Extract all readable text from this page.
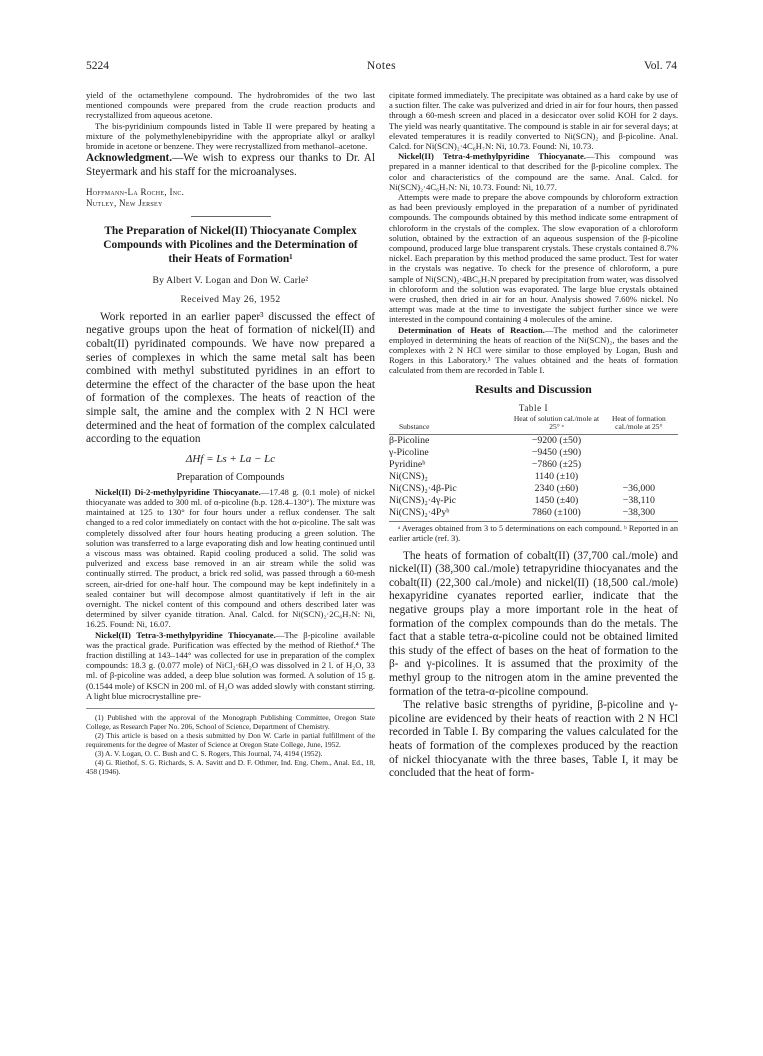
5224	Notes	Vol. 74

yield of the octamethylene compound. The hydrobromides of the two last mentioned compounds were prepared from the crude reaction products and recrystallized from aqueous acetone.

The bis-pyridinium compounds listed in Table II were prepared by heating a mixture of the polymethylenebipyridine with the appropriate alkyl or aralkyl bromide in acetone or benzene. They were recrystallized from methanol–acetone.

Acknowledgment.—We wish to express our thanks to Dr. Al Steyermark and his staff for the microanalyses.

Hoffmann-La Roche, Inc.
Nutley, New Jersey
The Preparation of Nickel(II) Thiocyanate Complex Compounds with Picolines and the Determination of their Heats of Formation¹
By Albert V. Logan and Don W. Carle²
Received May 26, 1952

Work reported in an earlier paper³ discussed the effect of negative groups upon the heat of formation of nickel(II) and cobalt(II) pyridinated compounds. We have now prepared a series of complexes in which the same metal salt has been combined with methyl substituted pyridines in an effort to determine the effect of the character of the base upon the heat of formation of the complexes. The heats of reaction of the simple salt, the amine and the complex with 2 N HCl were determined and the heat of formation of the complex calculated according to the equation

ΔHf = Ls + La − Lc
Preparation of Compounds

Nickel(II) Di-2-methylpyridine Thiocyanate.—17.48 g. (0.1 mole) of nickel thiocyanate was added to 300 ml. of α-picoline (b.p. 128.4–130°). The mixture was maintained at 125 to 130° for four hours under a reflux condenser. The salt changed to a red color immediately on contact with the hot α-picoline. The salt was completely dissolved after four hours heating producing a green solution. The solution was transferred to a large evaporating dish and low heating continued until a viscous mass was obtained. Rapid cooling produced a solid. The solid was pulverized and excess base removed in an air stream while the solid was continually stirred. The product, a brick red solid, was passed through a 60-mesh screen, air-dried for one-half hour. The compound may be kept indefinitely in a sealed container but will decompose almost quantitatively if left in the air overnight. The nickel content of this compound and others described later was determined by silver cyanide titration. Anal. Calcd. for Ni(SCN)₂·2C₆H₇N: Ni, 16.25. Found: Ni, 16.07.

Nickel(II) Tetra-3-methylpyridine Thiocyanate.—The β-picoline available was the practical grade. Purification was effected by the method of Riethof.⁴ The fraction distilling at 143–144° was collected for use in preparation of the complex compounds: 18.3 g. (0.077 mole) of NiCl₂·6H₂O was dissolved in 2 l. of H₂O, 33 ml. of β-picoline was added, a deep blue solution was formed. A solution of 15 g. (0.1544 mole) of KSCN in 200 ml. of H₂O was added slowly with constant stirring. A light blue microcrystalline pre-

(1) Published with the approval of the Monograph Publishing Committee, Oregon State College, as Research Paper No. 206, School of Science, Department of Chemistry.

(2) This article is based on a thesis submitted by Don W. Carle in partial fulfillment of the requirements for the degree of Master of Science at Oregon State College, June, 1952.

(3) A. V. Logan, O. C. Bush and C. S. Rogers, This Journal, 74, 4194 (1952).

(4) G. Riethof, S. G. Richards, S. A. Savitt and D. F. Othmer, Ind. Eng. Chem., Anal. Ed., 18, 458 (1946).

cipitate formed immediately. The precipitate was obtained as a hard cake by use of a suction filter. The cake was pulverized and dried in air for four hours, then passed through a 60-mesh screen and placed in a desiccator over solid KOH for 2 days. The yield was nearly quantitative. The compound is stable in air for several days; at elevated temperatures it is readily converted to Ni(SCN)₂ and β-picoline. Anal. Calcd. for Ni(SCN)₂·4C₆H₇N: Ni, 10.73. Found: Ni, 10.73.

Nickel(II) Tetra-4-methylpyridine Thiocyanate.—This compound was prepared in a manner identical to that described for the β-picoline complex. The color and characteristics of the compound are the same. Anal. Calcd. for Ni(SCN)₂·4C₆H₇N: Ni, 10.73. Found: Ni, 10.77.

Attempts were made to prepare the above compounds by chloroform extraction as had been previously employed in the preparation of a number of pyridinated compounds. The compounds obtained by this method indicate some entrapment of chloroform in the crystals of the complex. The slow evaporation of a chloroform solution, obtained by the extraction of an aqueous suspension of the β-picoline compound, produced large blue transparent crystals. These crystals contained 8.7% nickel. Each preparation by this method produced the same product. Test for water in the crystals was negative. To check for the presence of chloroform, a pure sample of Ni(SCN)₂·4BC₆H₇N prepared by precipitation from water, was dissolved in chloroform and the solution was evaporated. The large blue crystals obtained were crushed, then dried in air for an hour. Analysis showed 7.60% nickel. No attempt was made at the time to investigate the subject further since we were interested in the compound containing 4 molecules of the amine.

Determination of Heats of Reaction.—The method and the calorimeter employed in determining the heats of reaction of the Ni(SCN)₂, the bases and the complexes with 2 N HCl were similar to those employed by Logan, Bush and Rogers in this Laboratory.³ The values obtained and the heats of formation calculated from them are recorded in Table I.

Results and Discussion
Table I
Substance	Heat of solution cal./mole at 25° ᵃ	Heat of formation cal./mole at 25°
β-Picoline	−9200 (±50)	
γ-Picoline	−9450 (±90)	
Pyridineᵇ	−7860 (±25)	
Ni(CNS)₂	1140 (±10)	
Ni(CNS)₂·4β-Pic	2340 (±60)	−36,000
Ni(CNS)₂·4γ-Pic	1450 (±40)	−38,110
Ni(CNS)₂·4Pyᵇ	7860 (±100)	−38,300

ᵃ Averages obtained from 3 to 5 determinations on each compound. ᵇ Reported in an earlier article (ref. 3).

The heats of formation of cobalt(II) (37,700 cal./mole) and nickel(II) (38,300 cal./mole) tetrapyridine thiocyanates and the cobalt(II) (22,300 cal./mole) and nickel(II) (18,500 cal./mole) hexapyridine cyanates reported earlier, indicate that the negative groups play a more important role in the heat of formation of the complex compounds than do the metals. The fact that a stable tetra-α-picoline could not be obtained limited this study of the effect of bases on the heat of formation to the β- and γ-picolines. It is assumed that the proximity of the methyl group to the nitrogen atom in the amine prevented the formation of the tetra-α-picoline compound.

The relative basic strengths of pyridine, β-picoline and γ-picoline are evidenced by their heats of reaction with 2 N HCl recorded in Table I. By comparing the values calculated for the heats of formation of the complexes produced by the reaction of nickel thiocyanate with the three bases, Table I, it may be concluded that the heat of form-
